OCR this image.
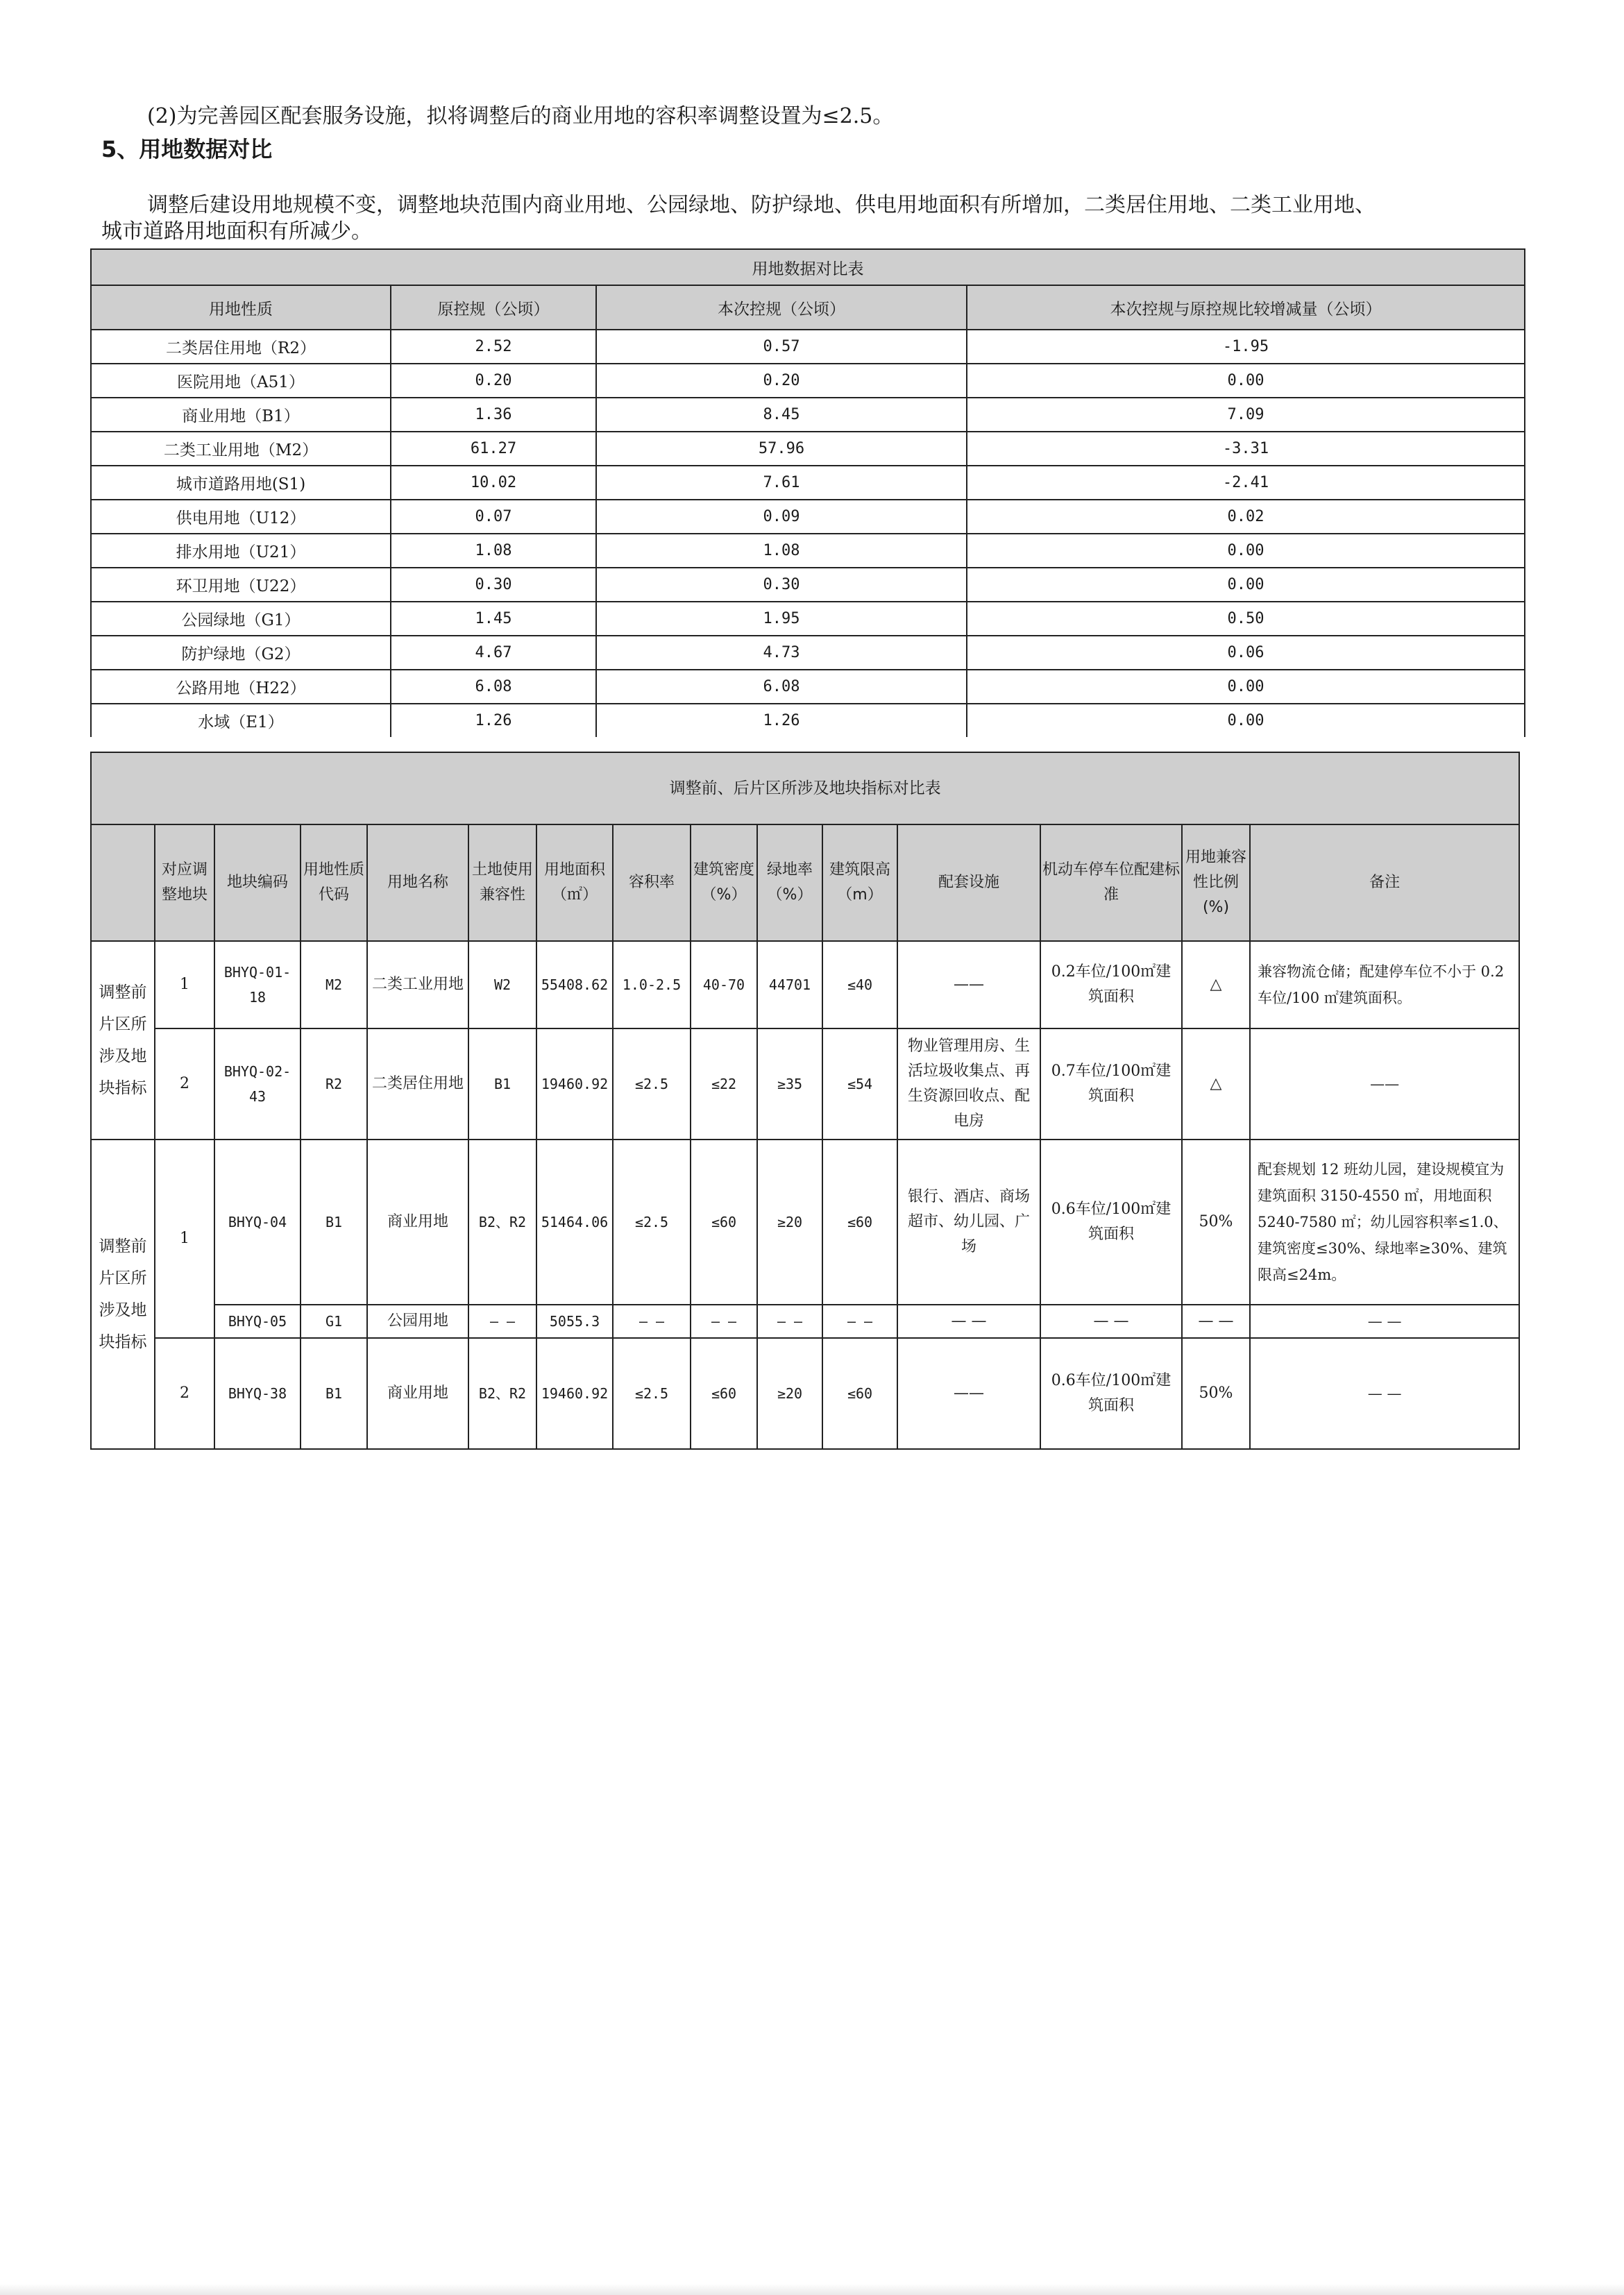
(2)为完善园区配套服务设施，拟将调整后的商业用地的容积率调整设置为≤2.5。
5、用地数据对比
调整后建设用地规模不变，调整地块范围内商业用地、公园绿地、防护绿地、供电用地面积有所增加，二类居住用地、二类工业用地、
城市道路用地面积有所减少。
用地数据对比表			
用地性质	原控规（公顷）	本次控规（公顷）	本次控规与原控规比较增减量（公顷）
二类居住用地（R2）	2.52	0.57	-1.95
医院用地（A51）	0.20	0.20	0.00
商业用地（B1）	1.36	8.45	7.09
二类工业用地（M2）	61.27	57.96	-3.31
城市道路用地(S1)	10.02	7.61	-2.41
供电用地（U12）	0.07	0.09	0.02
排水用地（U21）	1.08	1.08	0.00
环卫用地（U22）	0.30	0.30	0.00
公园绿地（G1）	1.45	1.95	0.50
防护绿地（G2）	4.67	4.73	0.06
公路用地（H22）	6.08	6.08	0.00
水域（E1）	1.26	1.26	0.00
调整前、后片区所涉及地块指标对比表														
	对应调整地块	地块编码	用地性质代码	用地名称	土地使用兼容性	用地面积（㎡）	容积率	建筑密度（%）	绿地率（%）	建筑限高（m）	配套设施	机动车停车位配建标准	用地兼容性比例(%)	备注
调整前片区所涉及地块指标	1	BHYQ-01-18	M2	二类工业用地	W2	55408.62	1.0-2.5	40-70	44701	≤40	——	0.2车位/100㎡建筑面积	△	兼容物流仓储；配建停车位不小于 0.2 车位/100 ㎡建筑面积。
	2	BHYQ-02-43	R2	二类居住用地	B1	19460.92	≤2.5	≤22	≥35	≤54	物业管理用房、生活垃圾收集点、再生资源回收点、配电房	0.7车位/100㎡建筑面积	△	——
调整前片区所涉及地块指标	1	BHYQ-04	B1	商业用地	B2、R2	51464.06	≤2.5	≤60	≥20	≤60	银行、酒店、商场超市、幼儿园、广场	0.6车位/100㎡建筑面积	50%	配套规划 12 班幼儿园，建设规模宜为建筑面积 3150-4550 ㎡，用地面积 5240-7580 ㎡；幼儿园容积率≤1.0、建筑密度≤30%、绿地率≥30%、建筑限高≤24m。
		BHYQ-05	G1	公园用地	— —	5055.3	— —	— —	— —	— —	— —	— —	— —	— —
	2	BHYQ-38	B1	商业用地	B2、R2	19460.92	≤2.5	≤60	≥20	≤60	——	0.6车位/100㎡建筑面积	50%	— —
